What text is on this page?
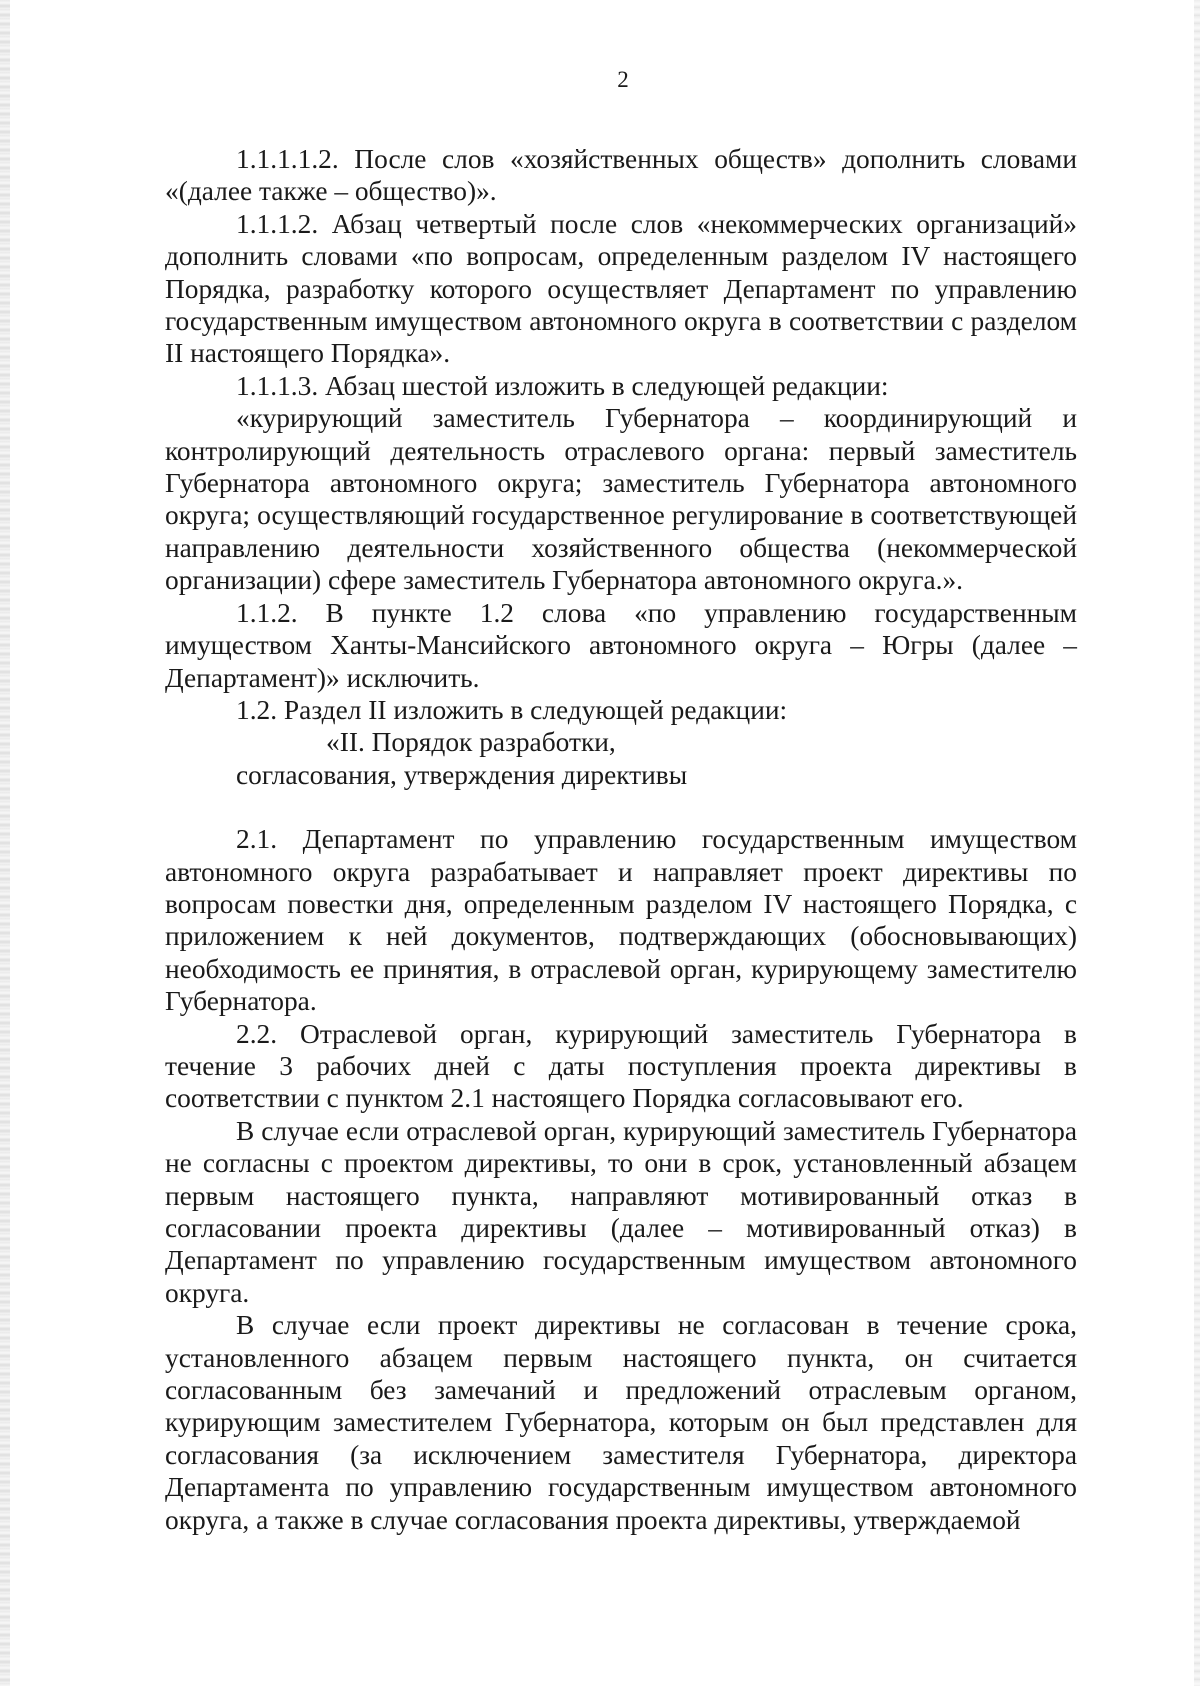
2

1.1.1.1.2. После слов «хозяйственных обществ» дополнить словами «(далее также – общество)».

1.1.1.2. Абзац четвертый после слов «некоммерческих организаций» дополнить словами «по вопросам, определенным разделом IV настоящего Порядка, разработку которого осуществляет Департамент по управлению государственным имуществом автономного округа в соответствии с разделом II настоящего Порядка».

1.1.1.3. Абзац шестой изложить в следующей редакции:

«курирующий заместитель Губернатора – координирующий и контролирующий деятельность отраслевого органа: первый заместитель Губернатора автономного округа; заместитель Губернатора автономного округа; осуществляющий государственное регулирование в соответствующей направлению деятельности хозяйственного общества (некоммерческой организации) сфере заместитель Губернатора автономного округа.».

1.1.2. В пункте 1.2 слова «по управлению государственным имуществом Ханты-Мансийского автономного округа – Югры (далее – Департамент)» исключить.

1.2. Раздел II изложить в следующей редакции:

«II. Порядок разработки,

согласования, утверждения директивы

2.1. Департамент по управлению государственным имуществом автономного округа разрабатывает и направляет проект директивы по вопросам повестки дня, определенным разделом IV настоящего Порядка, с приложением к ней документов, подтверждающих (обосновывающих) необходимость ее принятия, в отраслевой орган, курирующему заместителю Губернатора.

2.2. Отраслевой орган, курирующий заместитель Губернатора в течение 3 рабочих дней с даты поступления проекта директивы в соответствии с пунктом 2.1 настоящего Порядка согласовывают его.

В случае если отраслевой орган, курирующий заместитель Губернатора не согласны с проектом директивы, то они в срок, установленный абзацем первым настоящего пункта, направляют мотивированный отказ в согласовании проекта директивы (далее – мотивированный отказ) в Департамент по управлению государственным имуществом автономного округа.

В случае если проект директивы не согласован в течение срока, установленного абзацем первым настоящего пункта, он считается согласованным без замечаний и предложений отраслевым органом, курирующим заместителем Губернатора, которым он был представлен для согласования (за исключением заместителя Губернатора, директора Департамента по управлению государственным имуществом автономного округа, а также в случае согласования проекта директивы, утверждаемой
